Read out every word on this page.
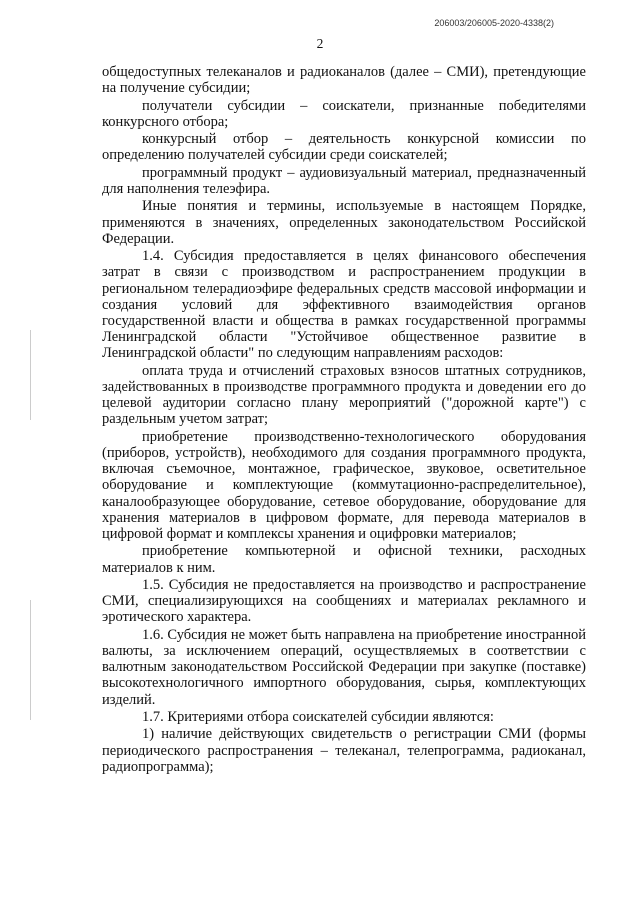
206003/206005-2020-4338(2)
2

общедоступных телеканалов и радиоканалов (далее – СМИ), претендующие на получение субсидии;

получатели субсидии – соискатели, признанные победителями конкурсного отбора;

конкурсный отбор – деятельность конкурсной комиссии по определению получателей субсидии среди соискателей;

программный продукт – аудиовизуальный материал, предназначенный для наполнения телеэфира.

Иные понятия и термины, используемые в настоящем Порядке, применяются в значениях, определенных законодательством Российской Федерации.

1.4. Субсидия предоставляется в целях финансового обеспечения затрат в связи с производством и распространением продукции в региональном телерадиоэфире федеральных средств массовой информации и создания условий для эффективного взаимодействия органов государственной власти и общества в рамках государственной программы Ленинградской области "Устойчивое общественное развитие в Ленинградской области" по следующим направлениям расходов:

оплата труда и отчислений страховых взносов штатных сотрудников, задействованных в производстве программного продукта и доведении его до целевой аудитории согласно плану мероприятий ("дорожной карте") с раздельным учетом затрат;

приобретение производственно-технологического оборудования (приборов, устройств), необходимого для создания программного продукта, включая съемочное, монтажное, графическое, звуковое, осветительное оборудование и комплектующие (коммутационно-распределительное), каналообразующее оборудование, сетевое оборудование, оборудование для хранения материалов в цифровом формате, для перевода материалов в цифровой формат и комплексы хранения и оцифровки материалов;

приобретение компьютерной и офисной техники, расходных материалов к ним.

1.5. Субсидия не предоставляется на производство и распространение СМИ, специализирующихся на сообщениях и материалах рекламного и эротического характера.

1.6. Субсидия не может быть направлена на приобретение иностранной валюты, за исключением операций, осуществляемых в соответствии с валютным законодательством Российской Федерации при закупке (поставке) высокотехнологичного импортного оборудования, сырья, комплектующих изделий.

1.7. Критериями отбора соискателей субсидии являются:

1) наличие действующих свидетельств о регистрации СМИ (формы периодического распространения – телеканал, телепрограмма, радиоканал, радиопрограмма);
